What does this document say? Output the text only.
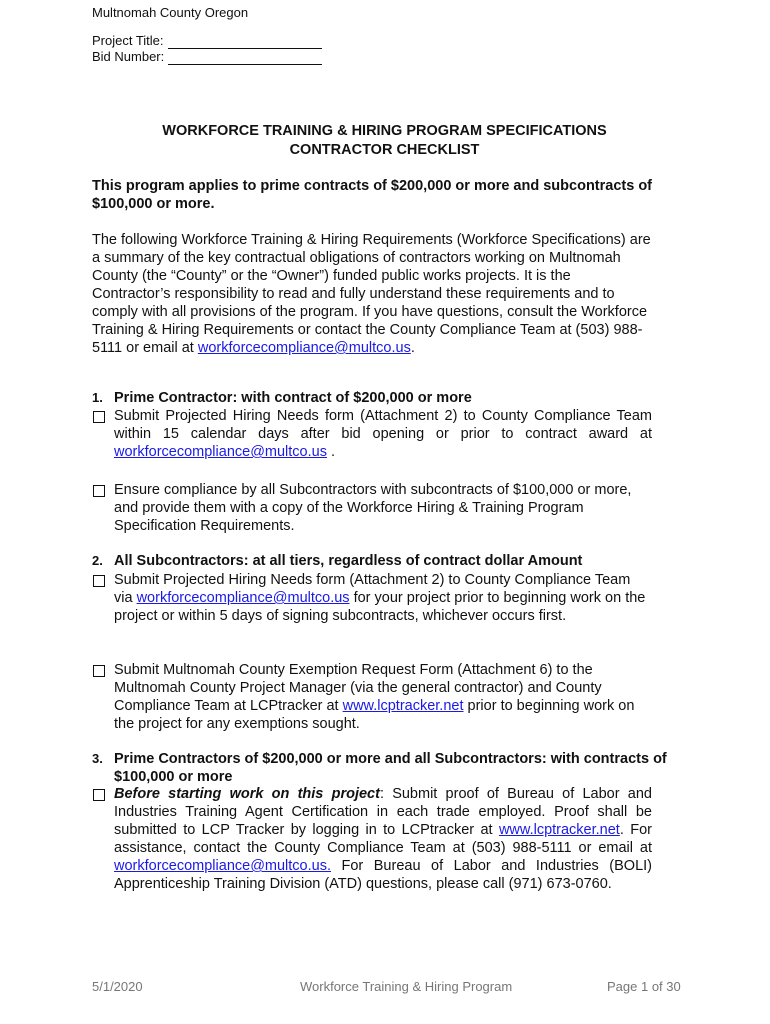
Multnomah County Oregon
Project Title:
Bid Number:
WORKFORCE TRAINING & HIRING PROGRAM SPECIFICATIONS
CONTRACTOR CHECKLIST
This program applies to prime contracts of $200,000 or more and subcontracts of $100,000 or more.
The following Workforce Training & Hiring Requirements (Workforce Specifications) are a summary of the key contractual obligations of contractors working on Multnomah County (the “County” or the “Owner”) funded public works projects. It is the Contractor’s responsibility to read and fully understand these requirements and to comply with all provisions of the program. If you have questions, consult the Workforce Training & Hiring Requirements or contact the County Compliance Team at (503) 988-5111 or email at workforcecompliance@multco.us.
1. Prime Contractor: with contract of $200,000 or more
Submit Projected Hiring Needs form (Attachment 2) to County Compliance Team within 15 calendar days after bid opening or prior to contract award at workforcecompliance@multco.us .
Ensure compliance by all Subcontractors with subcontracts of $100,000 or more, and provide them with a copy of the Workforce Hiring & Training Program Specification Requirements.
2. All Subcontractors: at all tiers, regardless of contract dollar Amount
Submit Projected Hiring Needs form (Attachment 2) to County Compliance Team via workforcecompliance@multco.us for your project prior to beginning work on the project or within 5 days of signing subcontracts, whichever occurs first.
Submit Multnomah County Exemption Request Form (Attachment 6) to the Multnomah County Project Manager (via the general contractor) and County Compliance Team at LCPtracker at www.lcptracker.net prior to beginning work on the project for any exemptions sought.
3. Prime Contractors of $200,000 or more and all Subcontractors: with contracts of $100,000 or more
Before starting work on this project: Submit proof of Bureau of Labor and Industries Training Agent Certification in each trade employed. Proof shall be submitted to LCP Tracker by logging in to LCPtracker at www.lcptracker.net. For assistance, contact the County Compliance Team at (503) 988-5111 or email at workforcecompliance@multco.us. For Bureau of Labor and Industries (BOLI) Apprenticeship Training Division (ATD) questions, please call (971) 673-0760.
5/1/2020	Workforce Training & Hiring Program	Page 1 of 30
